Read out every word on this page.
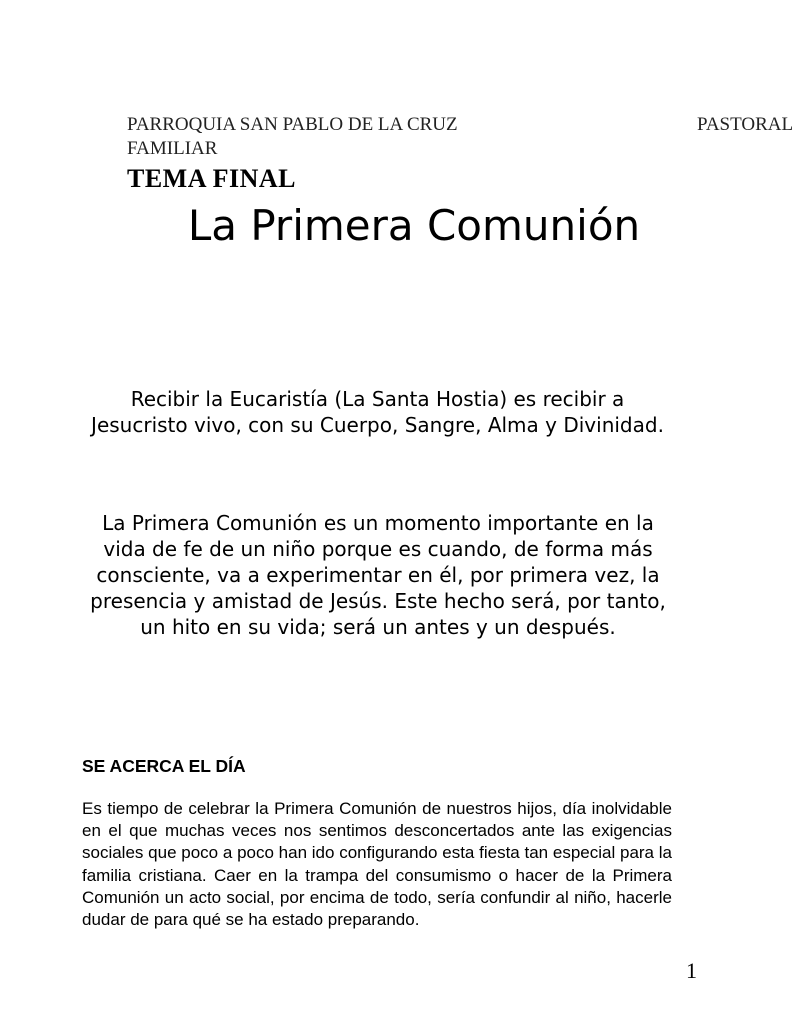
PARROQUIA SAN PABLO DE LA CRUZ	PASTORAL
FAMILIAR
TEMA FINAL
La Primera Comunión

Recibir la Eucaristía (La Santa Hostia) es recibir a Jesucristo vivo, con su Cuerpo, Sangre, Alma y Divinidad.

La Primera Comunión es un momento importante en la vida de fe de un niño porque es cuando, de forma más consciente, va a experimentar en él, por primera vez, la presencia y amistad de Jesús. Este hecho será, por tanto, un hito en su vida; será un antes y un después.

SE ACERCA EL DÍA

Es tiempo de celebrar la Primera Comunión de nuestros hijos, día inolvidable en el que muchas veces nos sentimos desconcertados ante las exigencias sociales que poco a poco han ido configurando esta fiesta tan especial para la familia cristiana. Caer en la trampa del consumismo o hacer de la Primera Comunión un acto social, por encima de todo, sería confundir al niño, hacerle dudar de para qué se ha estado preparando.

1
